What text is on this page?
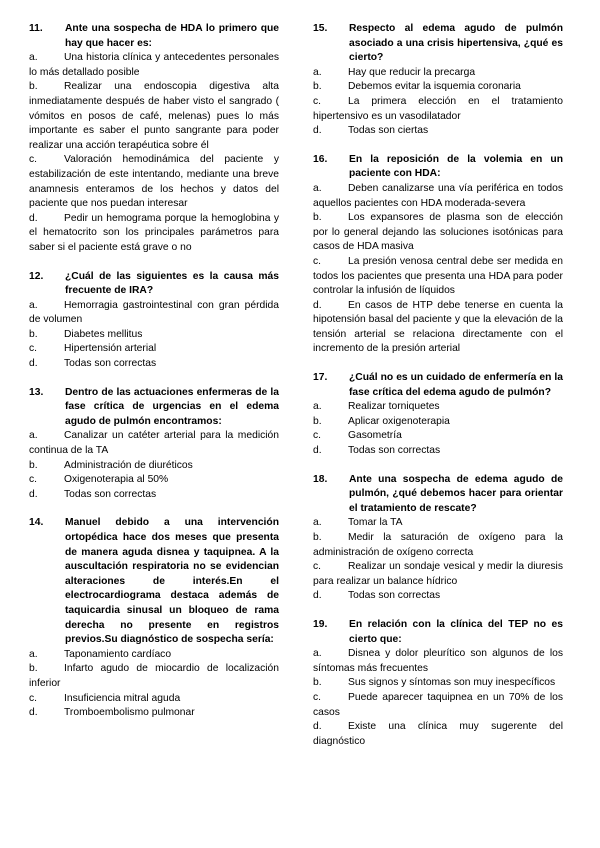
11.	Ante una sospecha de HDA lo primero que hay que hacer es:
a.	Una historia clínica y antecedentes personales lo más detallado posible
b.	Realizar una endoscopia digestiva alta inmediatamente después de haber visto el sangrado ( vómitos en posos de café, melenas) pues lo más importante es saber el punto sangrante para poder realizar una acción terapéutica sobre él
c.	Valoración hemodinámica del paciente y estabilización de este intentando, mediante una breve anamnesis enteramos de los hechos y datos del paciente que nos puedan interesar
d.	Pedir un hemograma porque la hemoglobina y el hematocrito son los principales parámetros para saber si el paciente está grave o no
12.	¿Cuál de las siguientes es la causa más frecuente de IRA?
a.	Hemorragia gastrointestinal con gran pérdida de volumen
b.	Diabetes mellitus
c.	Hipertensión arterial
d.	Todas son correctas
13.	Dentro de las actuaciones enfermeras de la fase crítica de urgencias en el edema agudo de pulmón encontramos:
a.	Canalizar un catéter arterial para la medición continua de la TA
b.	Administración de diuréticos
c.	Oxigenoterapia al 50%
d.	Todas son correctas
14.	Manuel debido a una intervención ortopédica hace dos meses que presenta de manera aguda disnea y taquipnea. A la auscultación respiratoria no se evidencian alteraciones de interés.En el electrocardiograma destaca además de taquicardia sinusal un bloqueo de rama derecha no presente en registros previos.Su diagnóstico de sospecha sería:
a.	Taponamiento cardíaco
b.	Infarto agudo de miocardio de localización inferior
c.	Insuficiencia mitral aguda
d.	Tromboembolismo pulmonar
15.	Respecto al edema agudo de pulmón asociado a una crisis hipertensiva, ¿qué es cierto?
a.	Hay que reducir la precarga
b.	Debemos evitar la isquemia coronaria
c.	La primera elección en el tratamiento hipertensivo es un vasodilatador
d.	Todas son ciertas
16.	En la reposición de la volemia en un paciente con HDA:
a.	Deben canalizarse una vía periférica en todos aquellos pacientes con HDA moderada-severa
b.	Los expansores de plasma son de elección por lo general dejando las soluciones isotónicas para casos de HDA masiva
c.	La presión venosa central debe ser medida en todos los pacientes que presenta una HDA para poder controlar la infusión de líquidos
d.	En casos de HTP debe tenerse en cuenta la hipotensión basal del paciente y que la elevación de la tensión arterial se relaciona directamente con el incremento de la presión arterial
17.	¿Cuál no es un cuidado de enfermería en la fase crítica del edema agudo de pulmón?
a.	Realizar torniquetes
b.	Aplicar oxigenoterapia
c.	Gasometría
d.	Todas son correctas
18.	Ante una sospecha de edema agudo de pulmón, ¿qué debemos hacer para orientar el tratamiento de rescate?
a.	Tomar la TA
b.	Medir la saturación de oxígeno para la administración de oxígeno correcta
c.	Realizar un sondaje vesical y medir la diuresis para realizar un balance hídrico
d.	Todas son correctas
19.	En relación con la clínica del TEP no es cierto que:
a.	Disnea y dolor pleurítico son algunos de los síntomas más frecuentes
b.	Sus signos y síntomas son muy inespecíficos
c.	Puede aparecer taquipnea en un 70% de los casos
d.	Existe una clínica muy sugerente del diagnóstico
